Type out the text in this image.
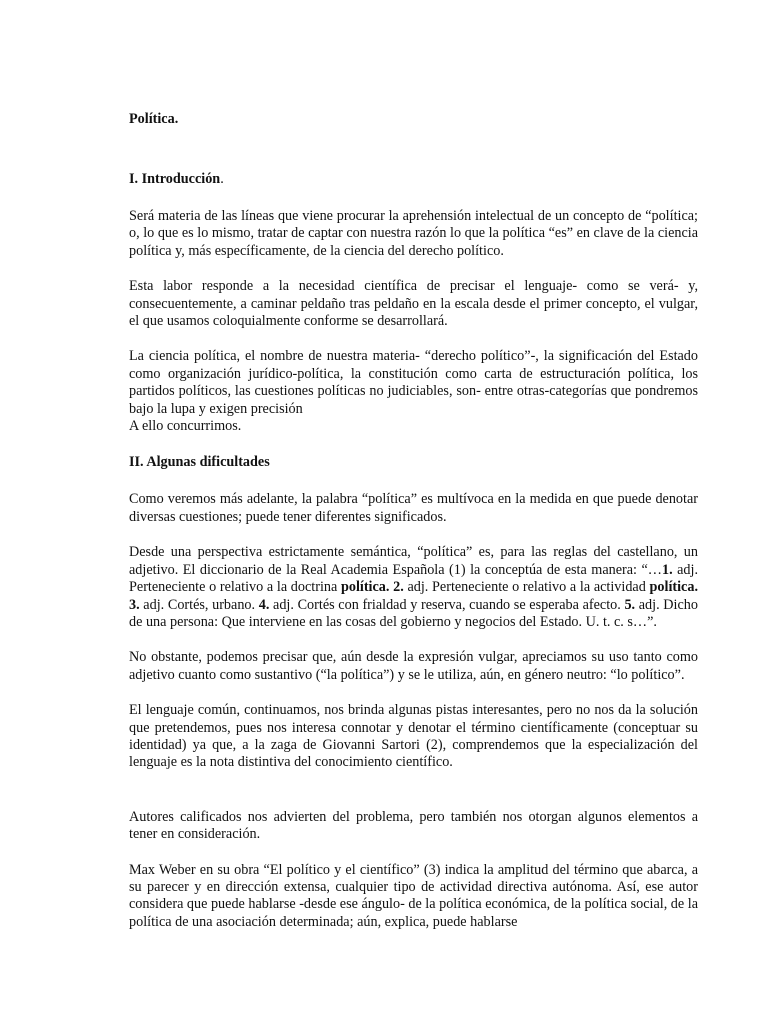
Política.
I. Introducción.

Será materia de las líneas que viene procurar la aprehensión intelectual de un concepto de “política; o, lo que es lo mismo, tratar de captar con nuestra razón lo que la política “es” en clave de la ciencia política y, más específicamente, de la ciencia del derecho político.

Esta labor responde a la necesidad científica de precisar el lenguaje- como se verá- y, consecuentemente, a caminar peldaño tras peldaño en la escala desde el primer concepto, el vulgar, el que usamos coloquialmente conforme se desarrollará.

La ciencia política, el nombre de nuestra materia- “derecho político”-, la significación del Estado como organización jurídico-política, la constitución como carta de estructuración política, los partidos políticos, las cuestiones políticas no judiciables, son- entre otras-categorías que pondremos bajo la lupa y exigen precisión
A ello concurrimos.

II. Algunas dificultades

Como veremos más adelante, la palabra “política” es multívoca en la medida en que puede denotar diversas cuestiones; puede tener diferentes significados.

Desde una perspectiva estrictamente semántica, “política” es, para las reglas del castellano, un adjetivo. El diccionario de la Real Academia Española (1) la conceptúa de esta manera: “…1. adj. Perteneciente o relativo a la doctrina política. 2. adj. Perteneciente o relativo a la actividad política. 3. adj. Cortés, urbano. 4. adj. Cortés con frialdad y reserva, cuando se esperaba afecto. 5. adj. Dicho de una persona: Que interviene en las cosas del gobierno y negocios del Estado. U. t. c. s…”.

No obstante, podemos precisar que, aún desde la expresión vulgar, apreciamos su uso tanto como adjetivo cuanto como sustantivo (“la política”) y se le utiliza, aún, en género neutro: “lo político”.

El lenguaje común, continuamos, nos brinda algunas pistas interesantes, pero no nos da la solución que pretendemos, pues nos interesa connotar y denotar el término científicamente (conceptuar su identidad) ya que, a la zaga de Giovanni Sartori (2), comprendemos que la especialización del lenguaje es la nota distintiva del conocimiento científico.

Autores calificados nos advierten del problema, pero también nos otorgan algunos elementos a tener en consideración.

Max Weber en su obra “El político y el científico” (3) indica la amplitud del término que abarca, a su parecer y en dirección extensa, cualquier tipo de actividad directiva autónoma. Así, ese autor considera que puede hablarse -desde ese ángulo- de la política económica, de la política social, de la política de una asociación determinada; aún, explica, puede hablarse
